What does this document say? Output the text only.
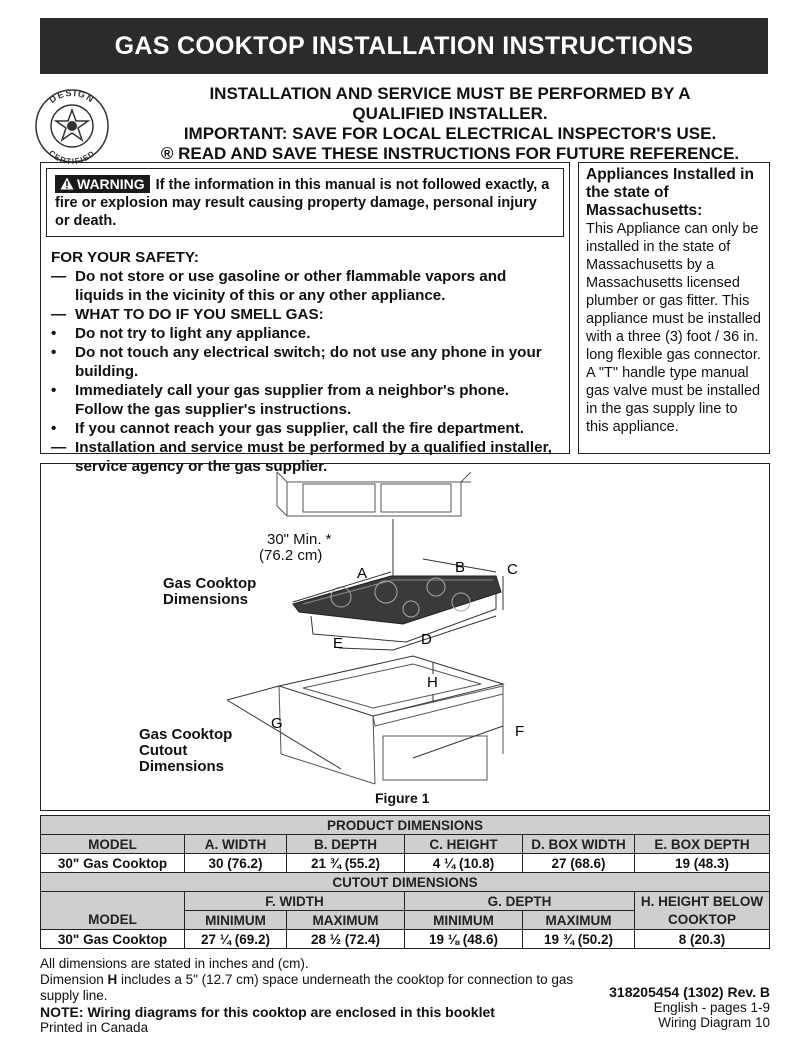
GAS COOKTOP INSTALLATION INSTRUCTIONS
DESIGN
CERTIFIED
INSTALLATION AND SERVICE MUST BE PERFORMED BY A
QUALIFIED INSTALLER.
IMPORTANT: SAVE FOR LOCAL ELECTRICAL INSPECTOR'S USE.
® READ AND SAVE THESE INSTRUCTIONS FOR FUTURE REFERENCE.
WARNING If the information in this manual is not followed exactly, a fire or explosion may result causing property damage, personal injury or death.
FOR YOUR SAFETY:
— Do not store or use gasoline or other flammable vapors and liquids in the vicinity of this or any other appliance.
— WHAT TO DO IF YOU SMELL GAS:
•	Do not try to light any appliance.
•	Do not touch any electrical switch; do not use any phone in your building.
•	Immediately call your gas supplier from a neighbor's phone. Follow the gas supplier's instructions.
•	If you cannot reach your gas supplier, call the fire department.
— Installation and service must be performed by a qualified installer, service agency or the gas supplier.
Appliances Installed in the state of Massachusetts:
This Appliance can only be installed in the state of Massachusetts by a Massachusetts licensed plumber or gas fitter. This appliance must be installed with a three (3) foot / 36 in. long flexible gas connector. A "T" handle type manual gas valve must be installed in the gas supply line to this appliance.
A	B	C
D
E
F
G
H
30" Min. *
(76.2 cm)
Gas Cooktop
Dimensions
Gas Cooktop
Cutout
Dimensions
Figure 1
PRODUCT DIMENSIONS					
MODEL	A. WIDTH	B. DEPTH	C. HEIGHT	D. BOX WIDTH	E. BOX DEPTH
30" Gas Cooktop	30 (76.2)	21 ¾ (55.2)	4 ¼ (10.8)	27 (68.6)	19 (48.3)
CUTOUT DIMENSIONS					
	F. WIDTH		G. DEPTH		H. HEIGHT BELOW
MODEL	MINIMUM	MAXIMUM	MINIMUM	MAXIMUM	COOKTOP
30" Gas Cooktop	27 ¼ (69.2)	28 ½ (72.4)	19 ⅛ (48.6)	19 ¾ (50.2)	8 (20.3)
All dimensions are stated in inches and (cm).
Dimension H includes a 5" (12.7 cm) space underneath the cooktop for connection to gas supply line.
NOTE: Wiring diagrams for this cooktop are enclosed in this booklet
Printed in Canada
318205454 (1302) Rev. B
English - pages 1-9
Wiring Diagram 10
